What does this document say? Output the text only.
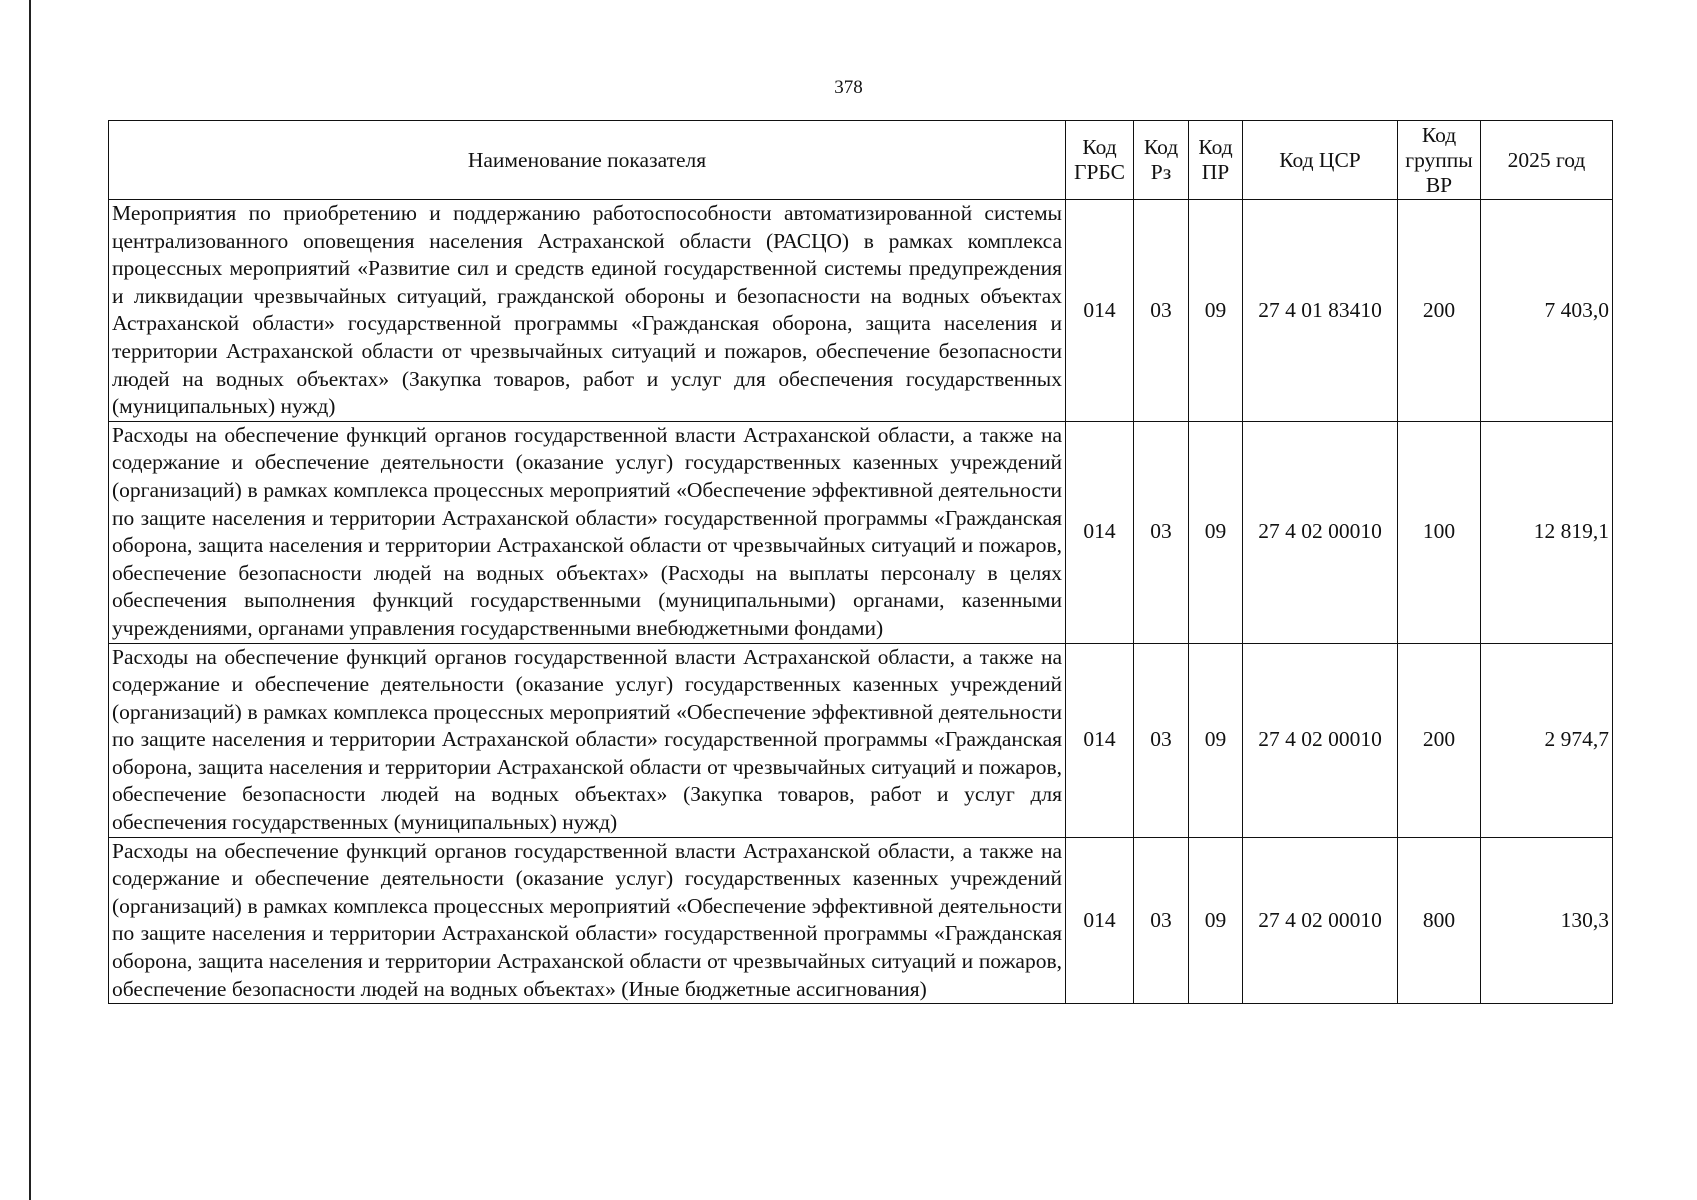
378
Наименование показателя	Код ГРБС	Код Рз	Код ПР	Код ЦСР	Код группы ВР	2025 год
Мероприятия по приобретению и поддержанию работоспособности автоматизированной системы централизованного оповещения населения Астраханской области (РАСЦО) в рамках комплекса процессных мероприятий «Развитие сил и средств единой государственной системы предупреждения и ликвидации чрезвычайных ситуаций, гражданской обороны и безопасности на водных объектах Астраханской области» государственной программы «Гражданская оборона, защита населения и территории Астраханской области от чрезвычайных ситуаций и пожаров, обеспечение безопасности людей на водных объектах» (Закупка товаров, работ и услуг для обеспечения государственных (муниципальных) нужд)	014	03	09	27 4 01 83410	200	7 403,0
Расходы на обеспечение функций органов государственной власти Астраханской области, а также на содержание и обеспечение деятельности (оказание услуг) государственных казенных учреждений (организаций) в рамках комплекса процессных мероприятий «Обеспечение эффективной деятельности по защите населения и территории Астраханской области» государственной программы «Гражданская оборона, защита населения и территории Астраханской области от чрезвычайных ситуаций и пожаров, обеспечение безопасности людей на водных объектах» (Расходы на выплаты персоналу в целях обеспечения выполнения функций государственными (муниципальными) органами, казенными учреждениями, органами управления государственными внебюджетными фондами)	014	03	09	27 4 02 00010	100	12 819,1
Расходы на обеспечение функций органов государственной власти Астраханской области, а также на содержание и обеспечение деятельности (оказание услуг) государственных казенных учреждений (организаций) в рамках комплекса процессных мероприятий «Обеспечение эффективной деятельности по защите населения и территории Астраханской области» государственной программы «Гражданская оборона, защита населения и территории Астраханской области от чрезвычайных ситуаций и пожаров, обеспечение безопасности людей на водных объектах» (Закупка товаров, работ и услуг для обеспечения государственных (муниципальных) нужд)	014	03	09	27 4 02 00010	200	2 974,7
Расходы на обеспечение функций органов государственной власти Астраханской области, а также на содержание и обеспечение деятельности (оказание услуг) государственных казенных учреждений (организаций) в рамках комплекса процессных мероприятий «Обеспечение эффективной деятельности по защите населения и территории Астраханской области» государственной программы «Гражданская оборона, защита населения и территории Астраханской области от чрезвычайных ситуаций и пожаров, обеспечение безопасности людей на водных объектах» (Иные бюджетные ассигнования)	014	03	09	27 4 02 00010	800	130,3
